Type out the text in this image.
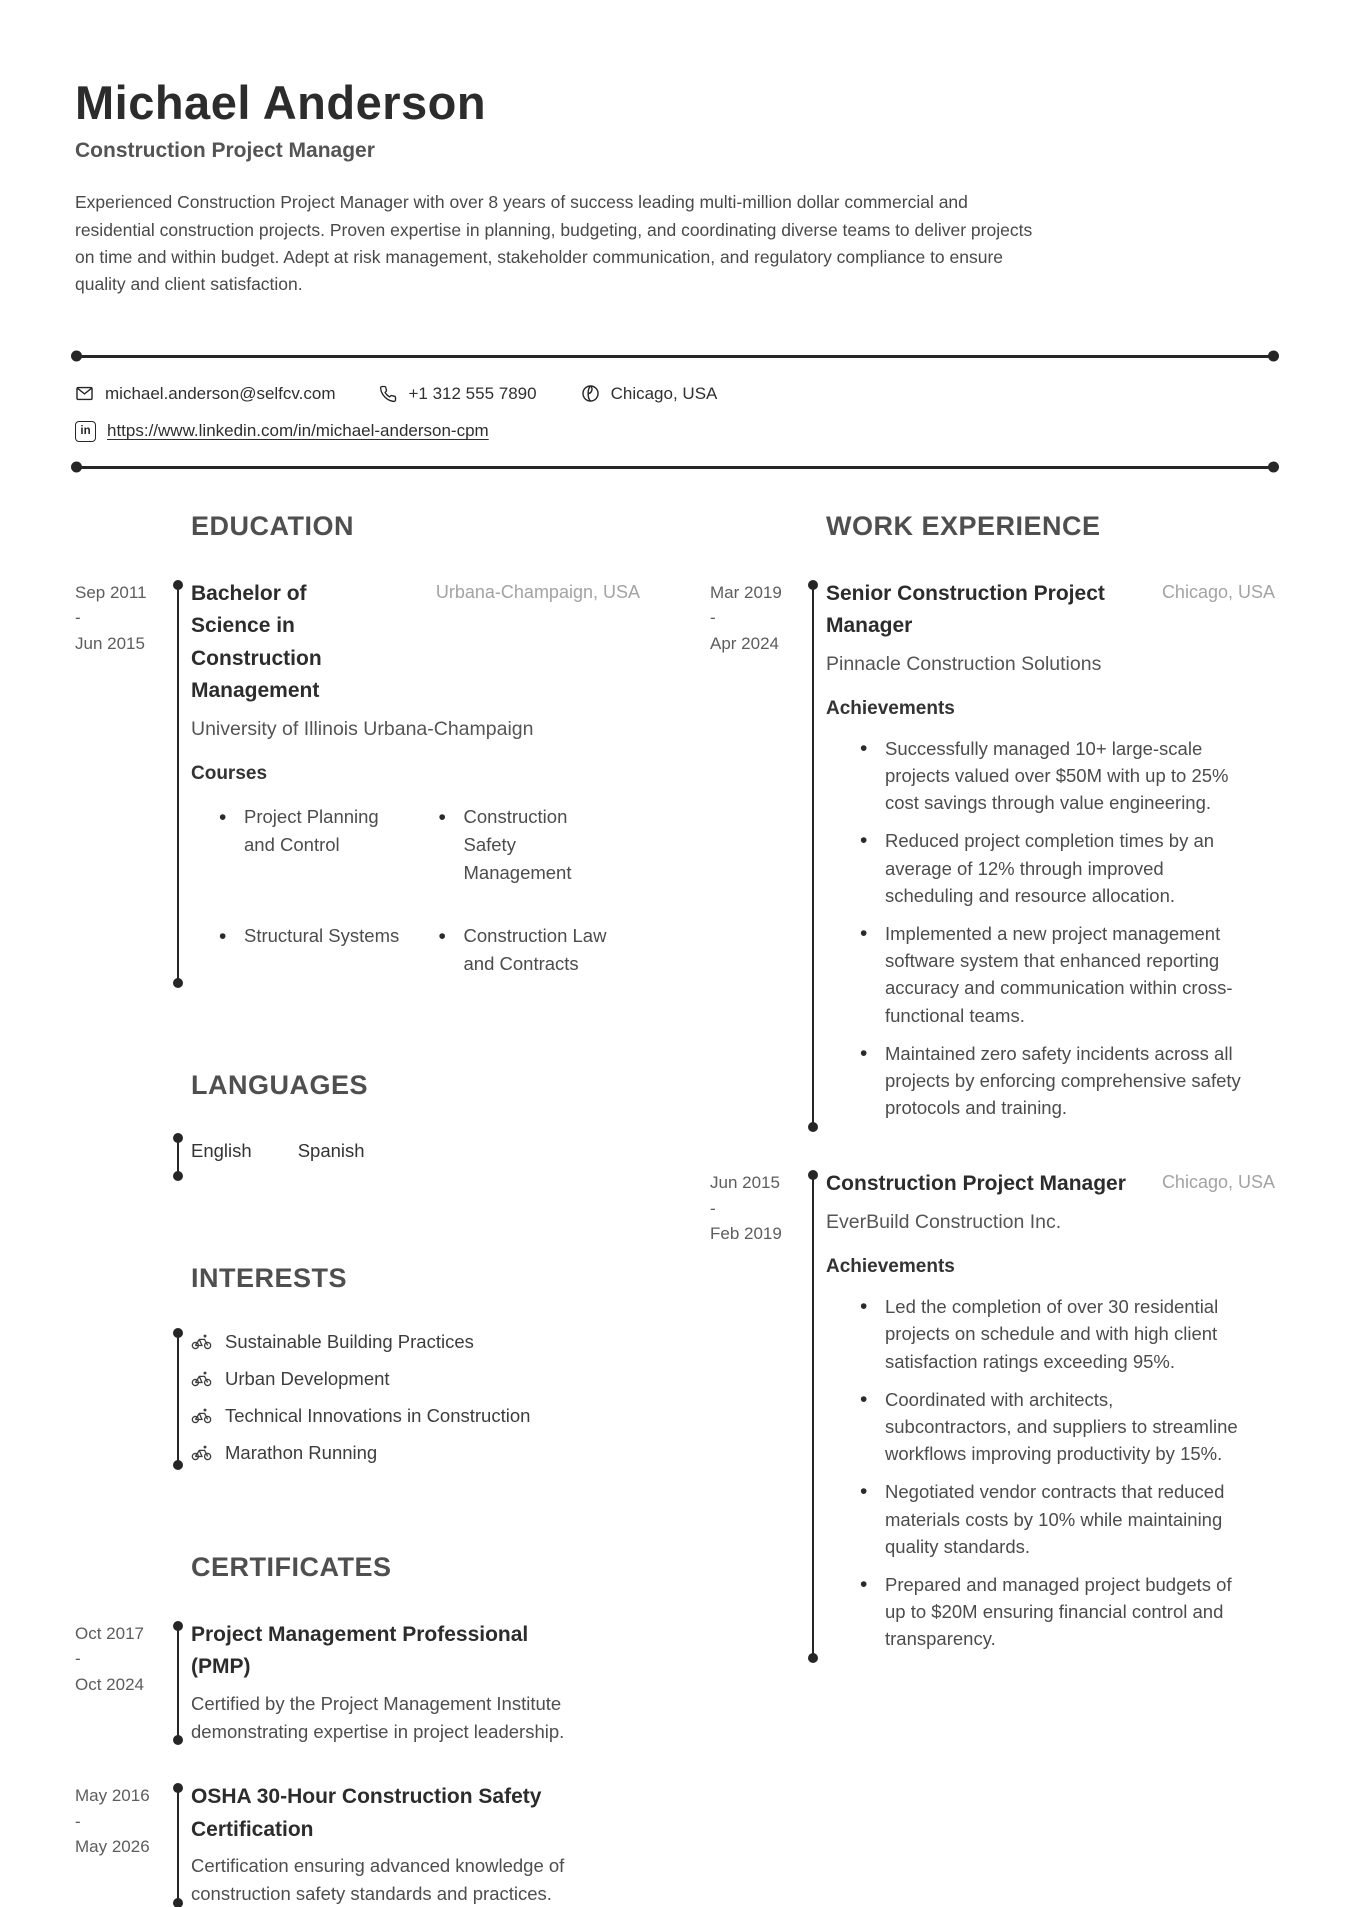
Michael Anderson
Construction Project Manager

Experienced Construction Project Manager with over 8 years of success leading multi-million dollar commercial and residential construction projects. Proven expertise in planning, budgeting, and coordinating diverse teams to deliver projects on time and within budget. Adept at risk management, stakeholder communication, and regulatory compliance to ensure quality and client satisfaction.

michael.anderson@selfcv.com	+1 312 555 7890	Chicago, USA
in https://www.linkedin.com/in/michael-anderson-cpm
EDUCATION
Sep 2011
-
Jun 2015
Bachelor of Science in Construction Management
Urbana-Champaign, USA
University of Illinois Urbana-Champaign
Courses
• Project Planning and Control
• Construction Safety Management
• Structural Systems	• Construction Law and Contracts
LANGUAGES
English Spanish
INTERESTS
Sustainable Building Practices
Urban Development
Technical Innovations in Construction
Marathon Running
CERTIFICATES
Oct 2017
-
Oct 2024
Project Management Professional (PMP)
Certified by the Project Management Institute demonstrating expertise in project leadership.
May 2016
-
May 2026
OSHA 30-Hour Construction Safety Certification
Certification ensuring advanced knowledge of construction safety standards and practices.
WORK EXPERIENCE
Mar 2019
-
Apr 2024
Senior Construction Project Manager
Chicago, USA
Pinnacle Construction Solutions
Achievements
• Successfully managed 10+ large-scale projects valued over $50M with up to 25% cost savings through value engineering.
• Reduced project completion times by an average of 12% through improved scheduling and resource allocation.
• Implemented a new project management software system that enhanced reporting accuracy and communication within cross-functional teams.
• Maintained zero safety incidents across all projects by enforcing comprehensive safety protocols and training.
Jun 2015
-
Feb 2019
Construction Project Manager Chicago, USA
EverBuild Construction Inc.
Achievements
• Led the completion of over 30 residential projects on schedule and with high client satisfaction ratings exceeding 95%.
• Coordinated with architects, subcontractors, and suppliers to streamline workflows improving productivity by 15%.
• Negotiated vendor contracts that reduced materials costs by 10% while maintaining quality standards.
• Prepared and managed project budgets of up to $20M ensuring financial control and transparency.
